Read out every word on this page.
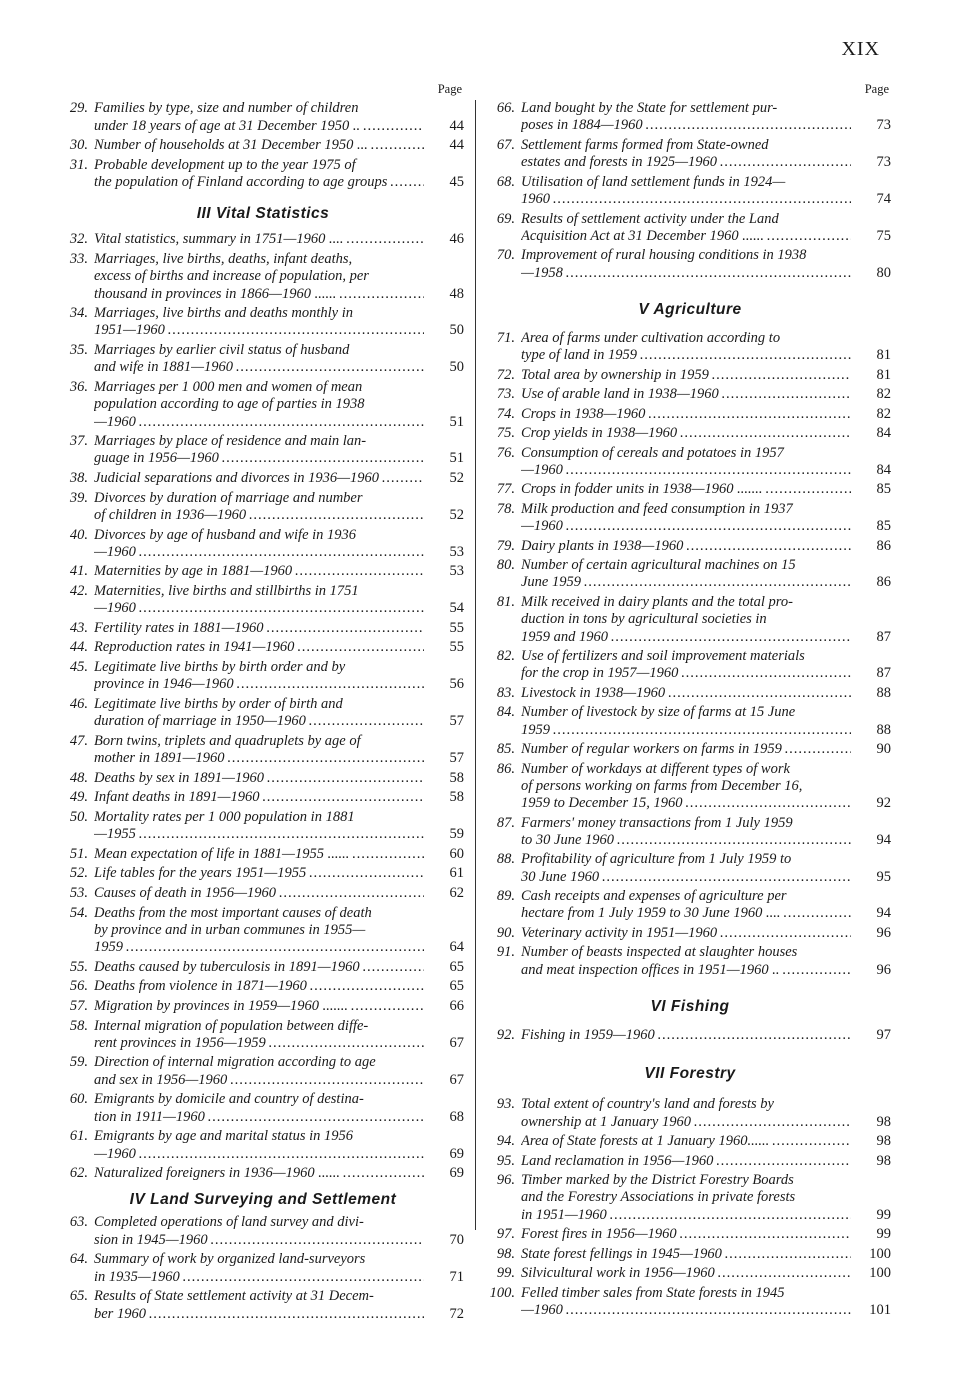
XIX
Page
29. Families by type, size and number of children
under 18 years of age at 31 December 1950 .. .....	44
30. Number of households at 31 December 1950 ... .....	44
31. Probable development up to the year 1975 of
the population of Finland according to age groups .....	45
III Vital Statistics
32. Vital statistics, summary in 1751—1960 .... .....	46
33. Marriages, live births, deaths, infant deaths,
excess of births and increase of population, per
thousand in provinces in 1866—1960 ...... .....	48
34. Marriages, live births and deaths monthly in
1951—1960 .....	50
35. Marriages by earlier civil status of husband
and wife in 1881—1960 .....	50
36. Marriages per 1 000 men and women of mean
population according to age of parties in 1938
—1960 .....	51
37. Marriages by place of residence and main lan-
guage in 1956—1960 .....	51
38. Judicial separations and divorces in 1936—1960 .....	52
39. Divorces by duration of marriage and number
of children in 1936—1960 .....	52
40. Divorces by age of husband and wife in 1936
—1960 .....	53
41. Maternities by age in 1881—1960 .....	53
42. Maternities, live births and stillbirths in 1751
—1960 .....	54
43. Fertility rates in 1881—1960 .....	55
44. Reproduction rates in 1941—1960 .....	55
45. Legitimate live births by birth order and by
province in 1946—1960 .....	56
46. Legitimate live births by order of birth and
duration of marriage in 1950—1960 .....	57
47. Born twins, triplets and quadruplets by age of
mother in 1891—1960 .....	57
48. Deaths by sex in 1891—1960 .....	58
49. Infant deaths in 1891—1960 .....	58
50. Mortality rates per 1 000 population in 1881
—1955 .....	59
51. Mean expectation of life in 1881—1955 ...... .....	60
52. Life tables for the years 1951—1955 .....	61
53. Causes of death in 1956—1960 .....	62
54. Deaths from the most important causes of death
by province and in urban communes in 1955—
1959 .....	64
55. Deaths caused by tuberculosis in 1891—1960 .....	65
56. Deaths from violence in 1871—1960 .....	65
57. Migration by provinces in 1959—1960 ....... .....	66
58. Internal migration of population between diffe-
rent provinces in 1956—1959 .....	67
59. Direction of internal migration according to age
and sex in 1956—1960 .....	67
60. Emigrants by domicile and country of destina-
tion in 1911—1960 .....	68
61. Emigrants by age and marital status in 1956
—1960 .....	69
62. Naturalized foreigners in 1936—1960 ...... .....	69
IV Land Surveying and Settlement
63. Completed operations of land survey and divi-
sion in 1945—1960 .....	70
64. Summary of work by organized land-surveyors
in 1935—1960 .....	71
65. Results of State settlement activity at 31 Decem-
ber 1960 .....	72
Page
66. Land bought by the State for settlement pur-
poses in 1884—1960 .....	73
67. Settlement farms formed from State-owned
estates and forests in 1925—1960 .....	73
68. Utilisation of land settlement funds in 1924—
1960 .....	74
69. Results of settlement activity under the Land
Acquisition Act at 31 December 1960 ...... .....	75
70. Improvement of rural housing conditions in 1938
—1958 .....	80
V Agriculture
71. Area of farms under cultivation according to
type of land in 1959 .....	81
72. Total area by ownership in 1959 .....	81
73. Use of arable land in 1938—1960 .....	82
74. Crops in 1938—1960 .....	82
75. Crop yields in 1938—1960 .....	84
76. Consumption of cereals and potatoes in 1957
—1960 .....	84
77. Crops in fodder units in 1938—1960 ....... .....	85
78. Milk production and feed consumption in 1937
—1960 .....	85
79. Dairy plants in 1938—1960 .....	86
80. Number of certain agricultural machines on 15
June 1959 .....	86
81. Milk received in dairy plants and the total pro-
duction in tons by agricultural societies in
1959 and 1960 .....	87
82. Use of fertilizers and soil improvement materials
for the crop in 1957—1960 .....	87
83. Livestock in 1938—1960 .....	88
84. Number of livestock by size of farms at 15 June
1959 .....	88
85. Number of regular workers on farms in 1959 .....	90
86. Number of workdays at different types of work
of persons working on farms from December 16,
1959 to December 15, 1960 .....	92
87. Farmers' money transactions from 1 July 1959
to 30 June 1960 .....	94
88. Profitability of agriculture from 1 July 1959 to
30 June 1960 .....	95
89. Cash receipts and expenses of agriculture per
hectare from 1 July 1959 to 30 June 1960 .... .....	94
90. Veterinary activity in 1951—1960 .....	96
91. Number of beasts inspected at slaughter houses
and meat inspection offices in 1951—1960 .. .....	96
VI Fishing
92. Fishing in 1959—1960 .....	97
VII Forestry
93. Total extent of country's land and forests by
ownership at 1 January 1960 .....	98
94. Area of State forests at 1 January 1960...... .....	98
95. Land reclamation in 1956—1960 .....	98
96. Timber marked by the District Forestry Boards
and the Forestry Associations in private forests
in 1951—1960 .....	99
97. Forest fires in 1956—1960 .....	99
98. State forest fellings in 1945—1960 .....	100
99. Silvicultural work in 1956—1960 .....	100
100. Felled timber sales from State forests in 1945
—1960 .....	101
